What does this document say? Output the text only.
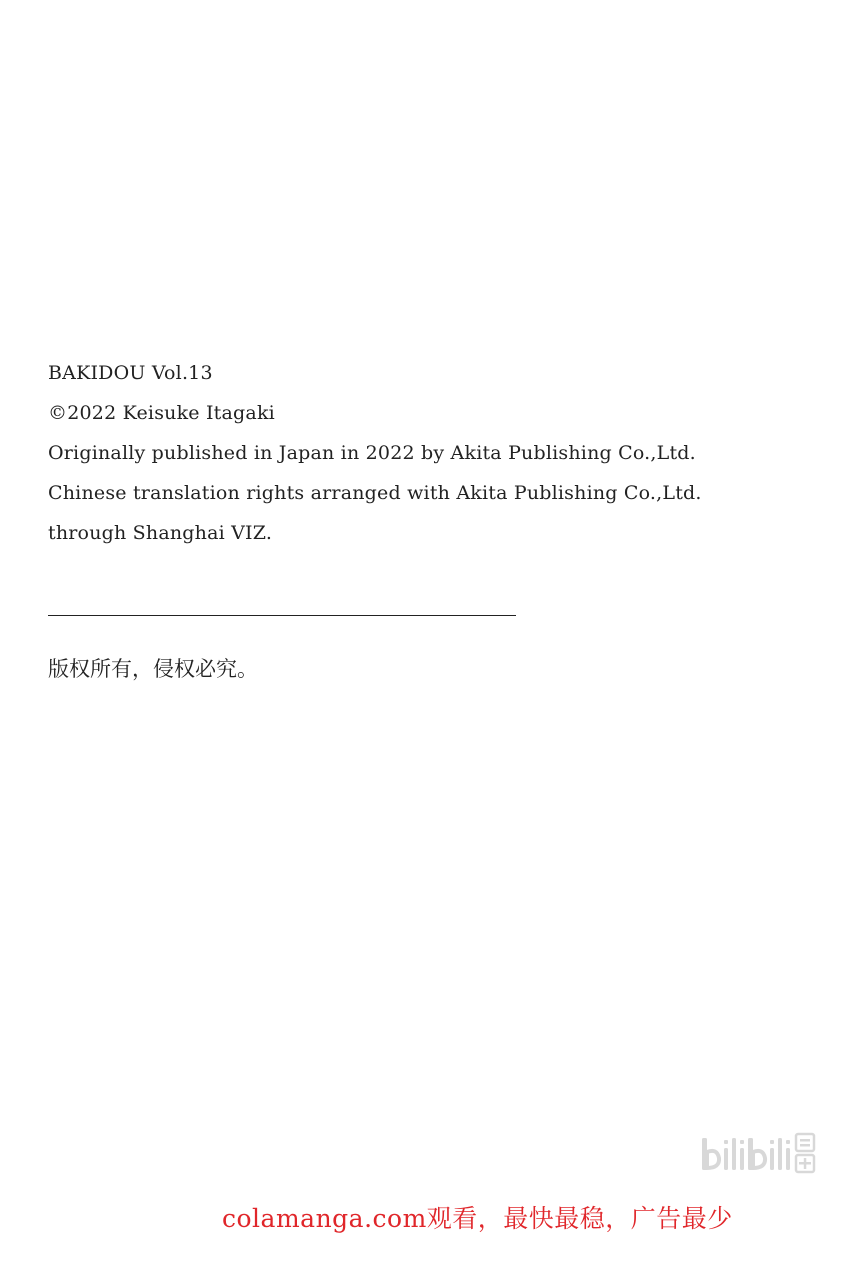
BAKIDOU Vol.13
©2022 Keisuke Itagaki
Originally published in Japan in 2022 by Akita Publishing Co.,Ltd.
Chinese translation rights arranged with Akita Publishing Co.,Ltd.
through Shanghai VIZ.
版权所有，侵权必究。
colamanga.com观看，最快最稳，广告最少
